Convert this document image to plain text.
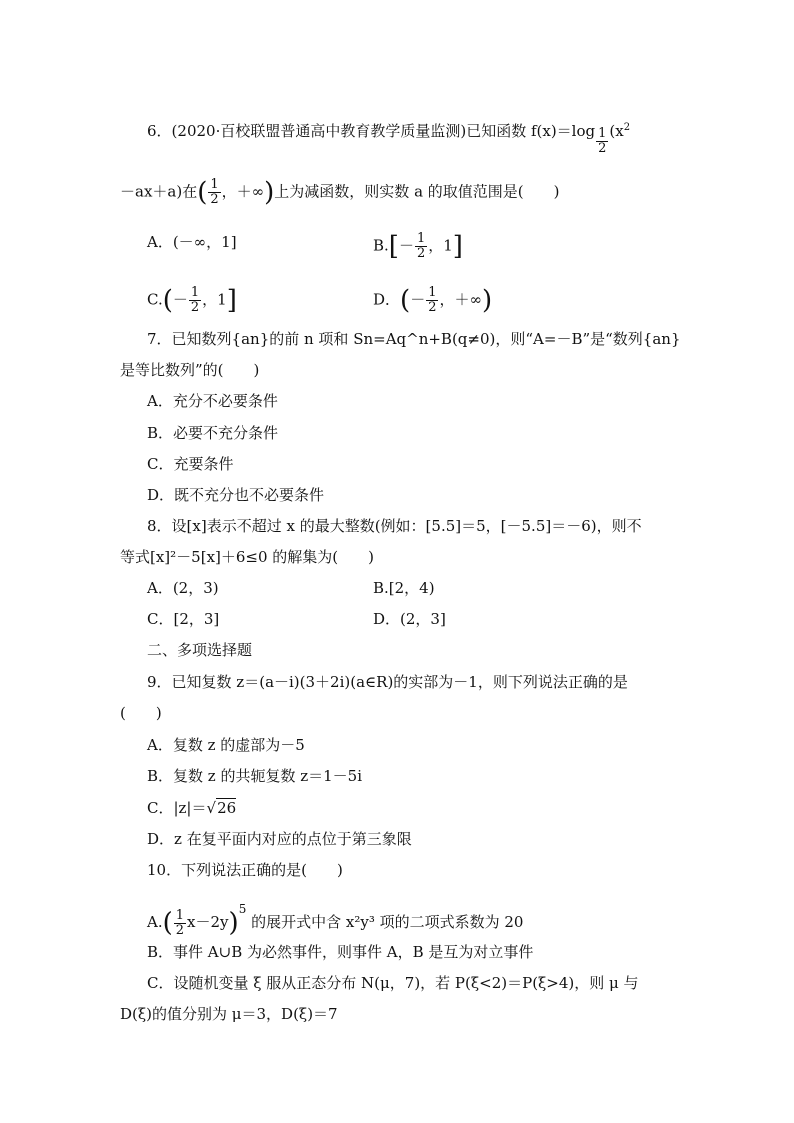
6．(2020·百校联盟普通高中教育教学质量监测)已知函数 $f(x)=\log \frac{1}{2} (x^2$
－ax＋a)在( $\frac{1}{2}$ ，＋∞)上为减函数，则实数 a 的取值范围是(　　)
A．(－∞，1]	$B.[- \frac{1}{2}$ ，1]
$C.(- \frac{1}{2}$ ，1]	D．(－ $\frac{1}{2}$ ，＋∞)
7．已知数列{an}的前 n 项和 Sn=Aq^n+B(q≠0)，则“A=－B”是“数列{an}
是等比数列”的(　　)
A．充分不必要条件
B．必要不充分条件
C．充要条件
D．既不充分也不必要条件
8．设[x]表示不超过 x 的最大整数(例如：[5.5]＝5，[－5.5]＝－6)，则不
等式[x]²－5[x]＋6≤0 的解集为(　　)
A．(2，3)	B.[2，4)
C．[2，3]	D．(2，3]
二、多项选择题
9．已知复数 z＝(a－i)(3＋2i)(a∈R)的实部为－1，则下列说法正确的是
(　　)
A．复数 z 的虚部为－5
B．复数 z 的共轭复数 z＝1－5i
C．|z|＝√26
D．z 在复平面内对应的点位于第三象限
10．下列说法正确的是(　　)
$A.( \frac{1}{2} x-2y)^5$ 的展开式中含 x²y³ 项的二项式系数为 20
B．事件 A∪B 为必然事件，则事件 A，B 是互为对立事件
C．设随机变量 ξ 服从正态分布 N(μ，7)，若 P(ξ<2)＝P(ξ>4)，则 μ 与
D(ξ)的值分别为 μ＝3，D(ξ)＝7
